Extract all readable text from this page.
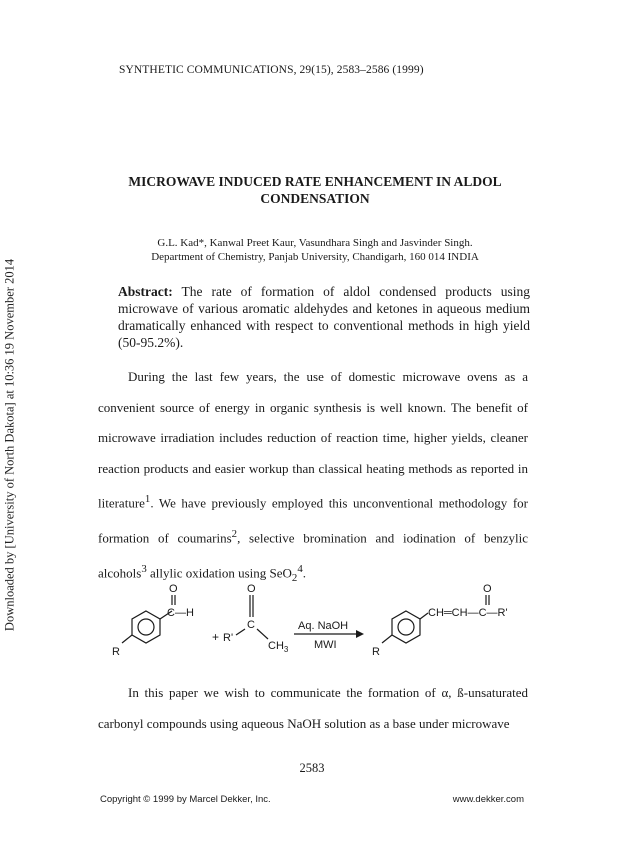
Downloaded by [University of North Dakota] at 10:36 19 November 2014
SYNTHETIC COMMUNICATIONS, 29(15), 2583–2586 (1999)
MICROWAVE INDUCED RATE ENHANCEMENT IN ALDOL
CONDENSATION
G.L. Kad*, Kanwal Preet Kaur, Vasundhara Singh and Jasvinder Singh.
Department of Chemistry, Panjab University, Chandigarh, 160 014 INDIA
Abstract: The rate of formation of aldol condensed products using microwave of various aromatic aldehydes and ketones in aqueous medium dramatically enhanced with respect to conventional methods in high yield (50-95.2%).

During the last few years, the use of domestic microwave ovens as a convenient source of energy in organic synthesis is well known. The benefit of microwave irradiation includes reduction of reaction time, higher yields, cleaner reaction products and easier workup than classical heating methods as reported in literature$^1$. We have previously employed this unconventional methodology for formation of coumarins$^2$, selective bromination and iodination of benzylic alcohols$^3$ allylic oxidation using SeO$_2^4$.

O
C—H
R
+
O
C
R'
$CH_3$
Aq. NaOH
MWI
O
CH═CH—C—R'
R

In this paper we wish to communicate the formation of α, ß-unsaturated carbonyl compounds using aqueous NaOH solution as a base under microwave

2583
Copyright © 1999 by Marcel Dekker, Inc.	www.dekker.com
